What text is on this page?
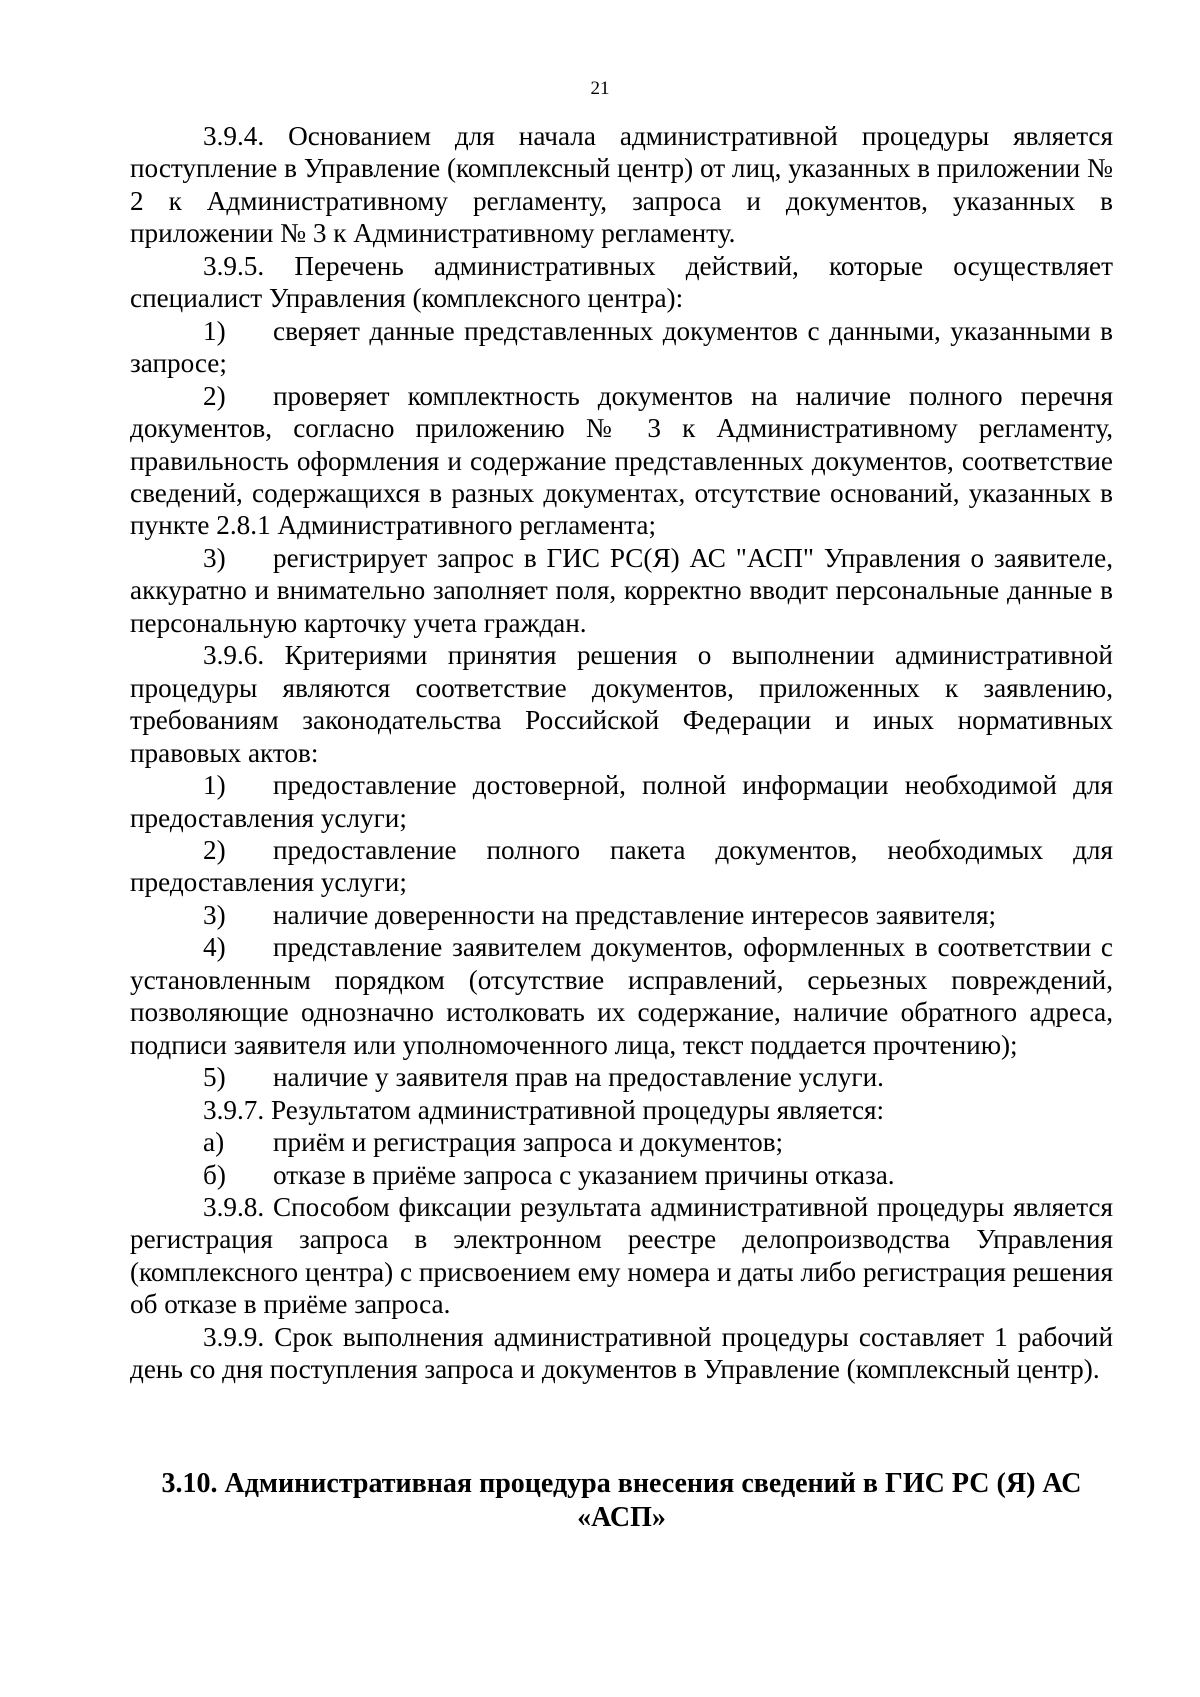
21

3.9.4. Основанием для начала административной процедуры является поступление в Управление (комплексный центр) от лиц, указанных в приложении № 2 к Административному регламенту, запроса и документов, указанных в приложении № 3 к Административному регламенту.

3.9.5. Перечень административных действий, которые осуществляет специалист Управления (комплексного центра):

1) сверяет данные представленных документов с данными, указанными в запросе;

2) проверяет комплектность документов на наличие полного перечня документов, согласно приложению № 3 к Административному регламенту, правильность оформления и содержание представленных документов, соответствие сведений, содержащихся в разных документах, отсутствие оснований, указанных в пункте 2.8.1 Административного регламента;

3) регистрирует запрос в ГИС РС(Я) АС "АСП" Управления о заявителе, аккуратно и внимательно заполняет поля, корректно вводит персональные данные в персональную карточку учета граждан.

3.9.6. Критериями принятия решения о выполнении административной процедуры являются соответствие документов, приложенных к заявлению, требованиям законодательства Российской Федерации и иных нормативных правовых актов:

1) предоставление достоверной, полной информации необходимой для предоставления услуги;

2) предоставление полного пакета документов, необходимых для предоставления услуги;

3) наличие доверенности на представление интересов заявителя;

4) представление заявителем документов, оформленных в соответствии с установленным порядком (отсутствие исправлений, серьезных повреждений, позволяющие однозначно истолковать их содержание, наличие обратного адреса, подписи заявителя или уполномоченного лица, текст поддается прочтению);

5) наличие у заявителя прав на предоставление услуги.

3.9.7. Результатом административной процедуры является:

а) приём и регистрация запроса и документов;

б) отказе в приёме запроса с указанием причины отказа.

3.9.8. Способом фиксации результата административной процедуры является регистрация запроса в электронном реестре делопроизводства Управления (комплексного центра) с присвоением ему номера и даты либо регистрация решения об отказе в приёме запроса.

3.9.9. Срок выполнения административной процедуры составляет 1 рабочий день со дня поступления запроса и документов в Управление (комплексный центр).

3.10. Административная процедура внесения сведений в ГИС РС (Я) АС
«АСП»
